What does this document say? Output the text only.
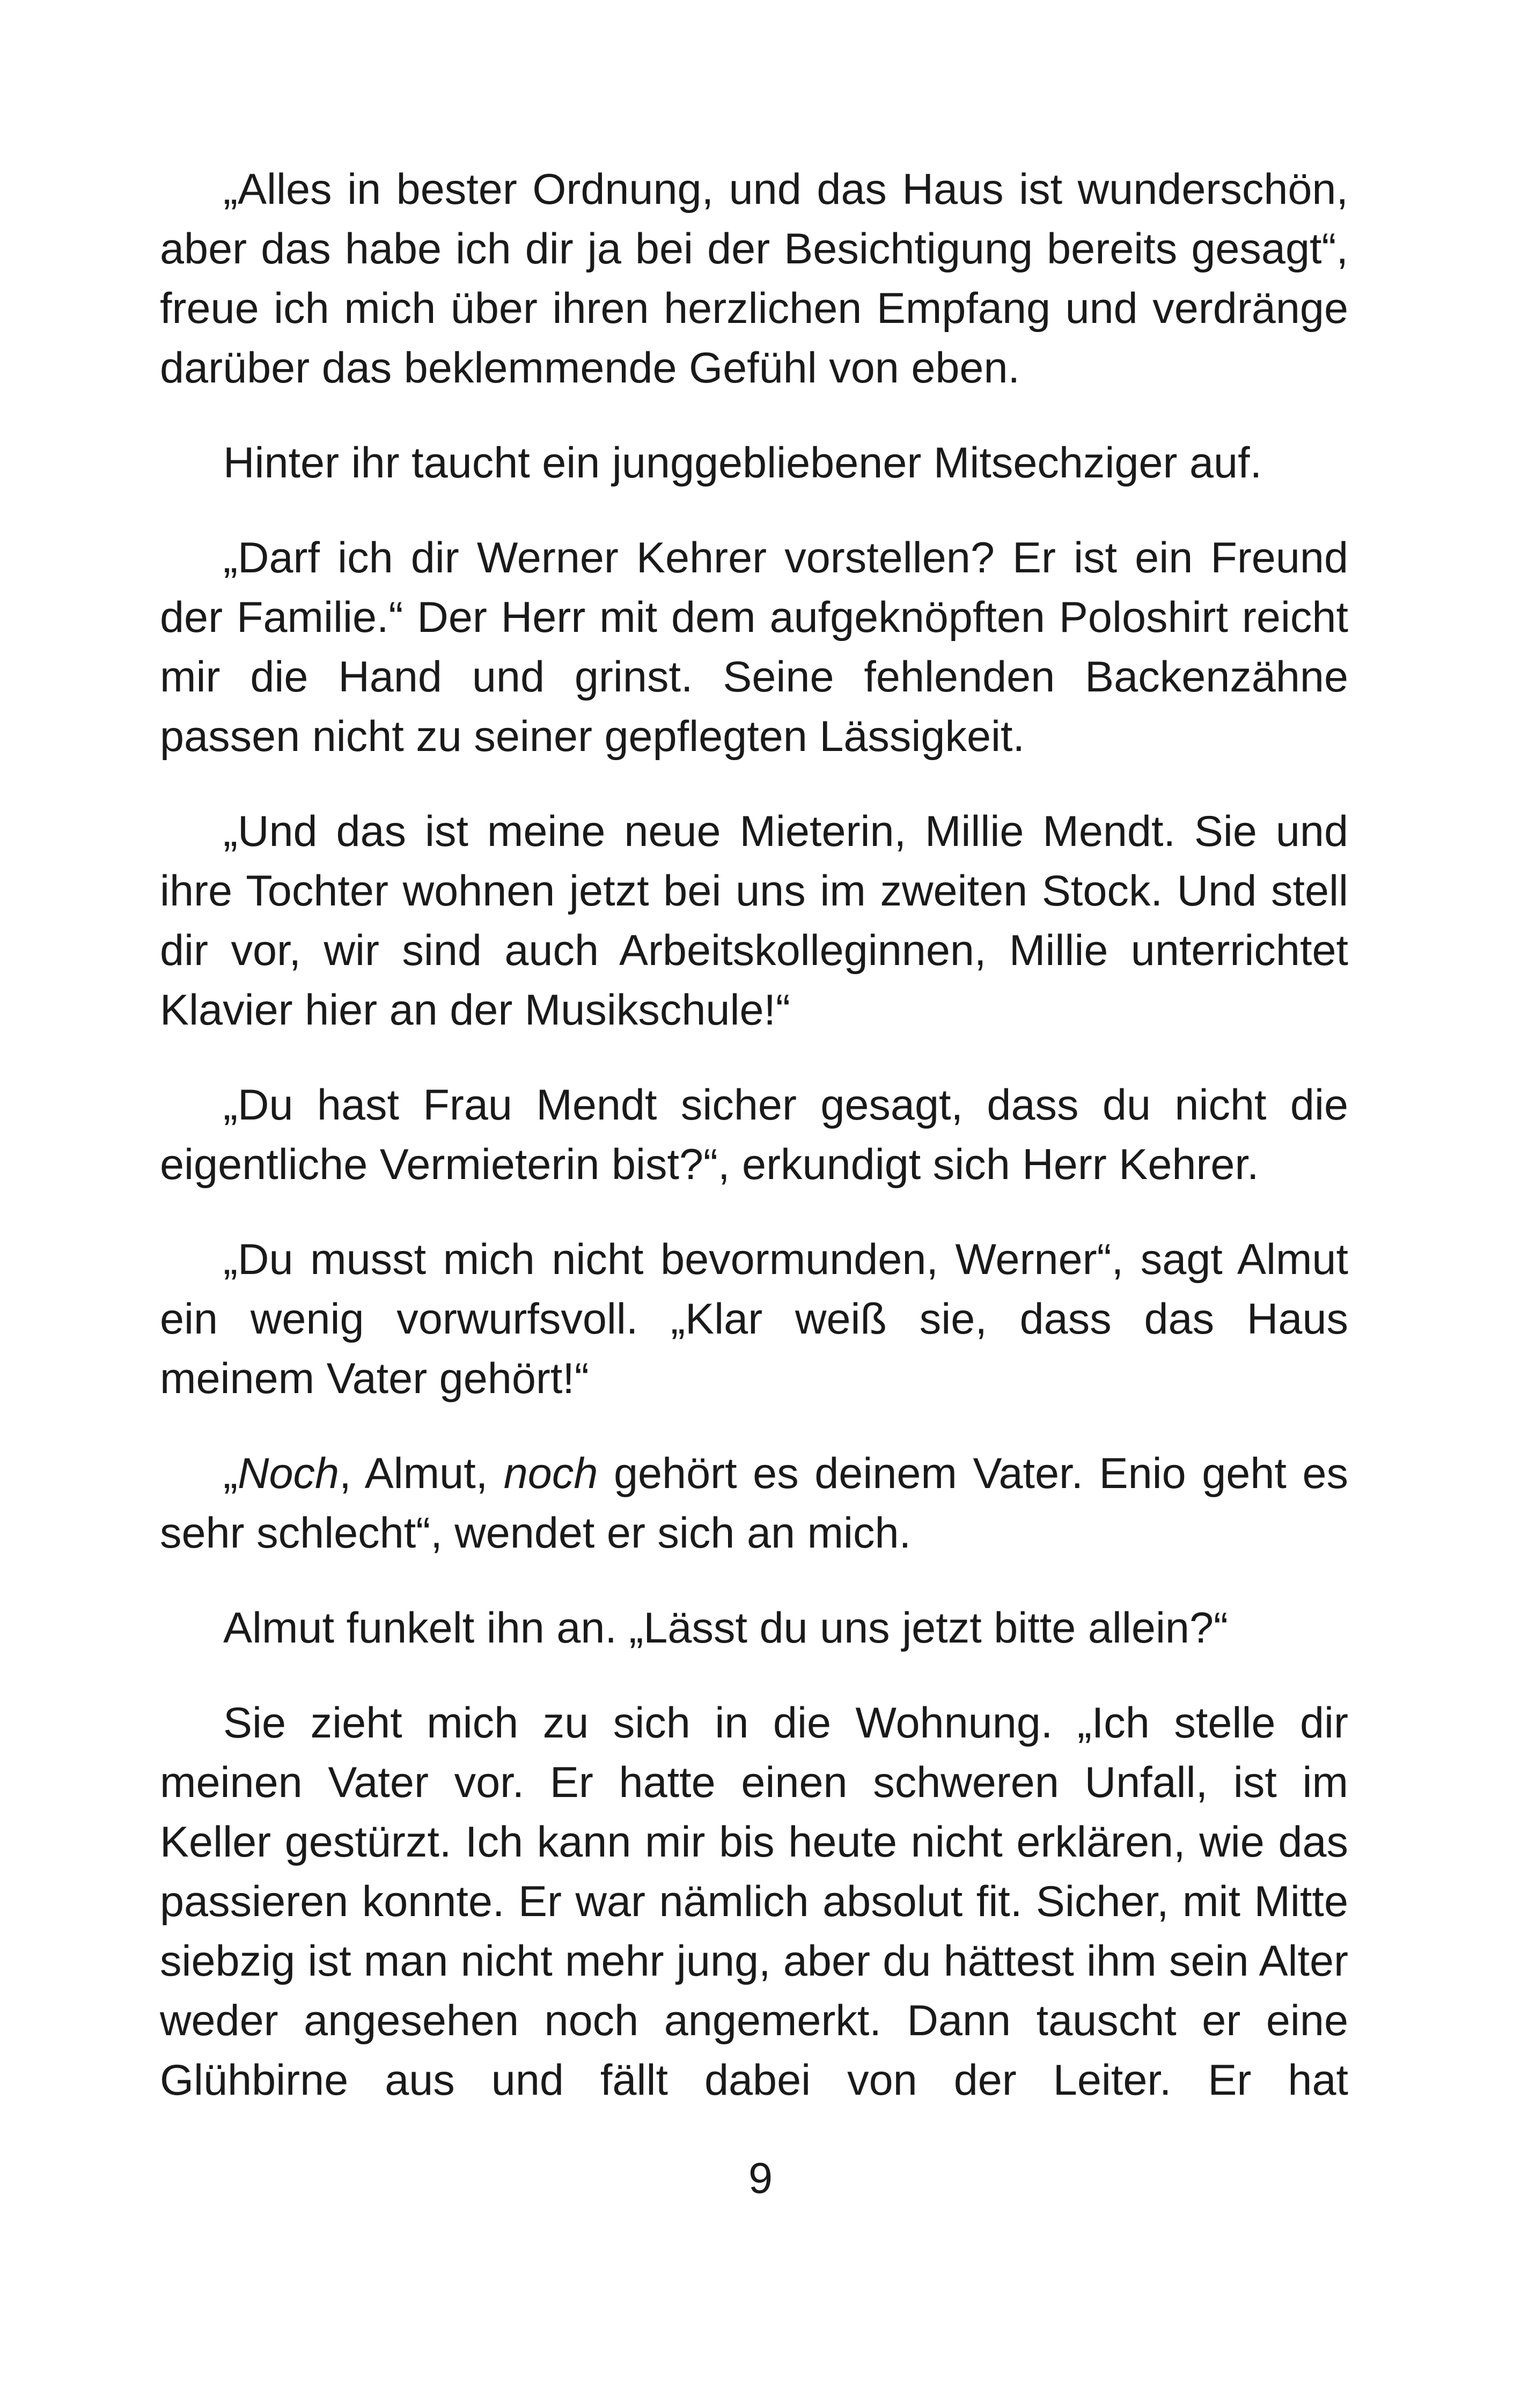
„Alles in bester Ordnung, und das Haus ist wunderschön, aber das habe ich dir ja bei der Besichtigung bereits gesagt“, freue ich mich über ihren herzlichen Empfang und verdränge darüber das beklemmende Gefühl von eben.

Hinter ihr taucht ein junggebliebener Mitsechziger auf.

„Darf ich dir Werner Kehrer vorstellen? Er ist ein Freund der Familie.“ Der Herr mit dem aufgeknöpften Poloshirt reicht mir die Hand und grinst. Seine fehlenden Backenzähne passen nicht zu seiner gepflegten Lässigkeit.

„Und das ist meine neue Mieterin, Millie Mendt. Sie und ihre Tochter wohnen jetzt bei uns im zweiten Stock. Und stell dir vor, wir sind auch Arbeitskolleginnen, Millie unterrichtet Klavier hier an der Musikschule!“

„Du hast Frau Mendt sicher gesagt, dass du nicht die eigentliche Vermieterin bist?“, erkundigt sich Herr Kehrer.

„Du musst mich nicht bevormunden, Werner“, sagt Almut ein wenig vorwurfsvoll. „Klar weiß sie, dass das Haus meinem Vater gehört!“

„Noch, Almut, noch gehört es deinem Vater. Enio geht es sehr schlecht“, wendet er sich an mich.

Almut funkelt ihn an. „Lässt du uns jetzt bitte allein?“

Sie zieht mich zu sich in die Wohnung. „Ich stelle dir meinen Vater vor. Er hatte einen schweren Unfall, ist im Keller gestürzt. Ich kann mir bis heute nicht erklären, wie das passieren konnte. Er war nämlich absolut fit. Sicher, mit Mitte siebzig ist man nicht mehr jung, aber du hättest ihm sein Alter weder angesehen noch angemerkt. Dann tauscht er eine Glühbirne aus und fällt dabei von der Leiter. Er hat

9
